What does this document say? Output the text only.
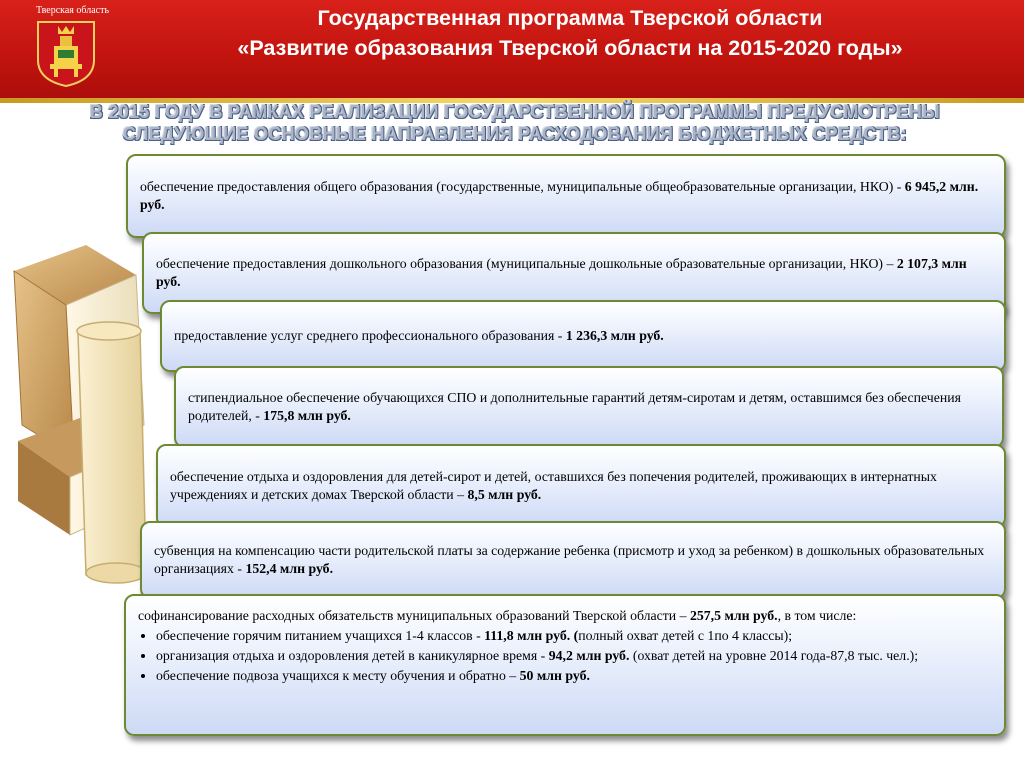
Тверская область	Государственная программа Тверской области
«Развитие образования Тверской области на 2015-2020 годы»
В 2015 ГОДУ В РАМКАХ РЕАЛИЗАЦИИ ГОСУДАРСТВЕННОЙ ПРОГРАММЫ ПРЕДУСМОТРЕНЫ
СЛЕДУЮЩИЕ ОСНОВНЫЕ НАПРАВЛЕНИЯ РАСХОДОВАНИЯ БЮДЖЕТНЫХ СРЕДСТВ:
обеспечение предоставления общего образования (государственные, муниципальные общеобразовательные организации, НКО) - 6 945,2 млн. руб.
обеспечение предоставления дошкольного образования (муниципальные дошкольные образовательные организации, НКО) – 2 107,3 млн руб.
предоставление услуг среднего профессионального образования - 1 236,3 млн руб.
стипендиальное обеспечение обучающихся СПО и дополнительные гарантий детям-сиротам и детям, оставшимся без обеспечения родителей, - 175,8 млн руб.
обеспечение отдыха и оздоровления для детей-сирот и детей, оставшихся без попечения родителей, проживающих в интернатных учреждениях и детских домах Тверской области – 8,5 млн руб.
субвенция на компенсацию части родительской платы за содержание ребенка (присмотр и уход за ребенком) в дошкольных образовательных организациях - 152,4 млн руб.
софинансирование расходных обязательств муниципальных образований Тверской области – 257,5 млн руб., в том числе:
• обеспечение горячим питанием учащихся 1-4 классов - 111,8 млн руб. (полный охват детей с 1по 4 классы);
• организация отдыха и оздоровления детей в каникулярное время - 94,2 млн руб. (охват детей на уровне 2014 года-87,8 тыс. чел.);
• обеспечение подвоза учащихся к месту обучения и обратно – 50 млн руб.
